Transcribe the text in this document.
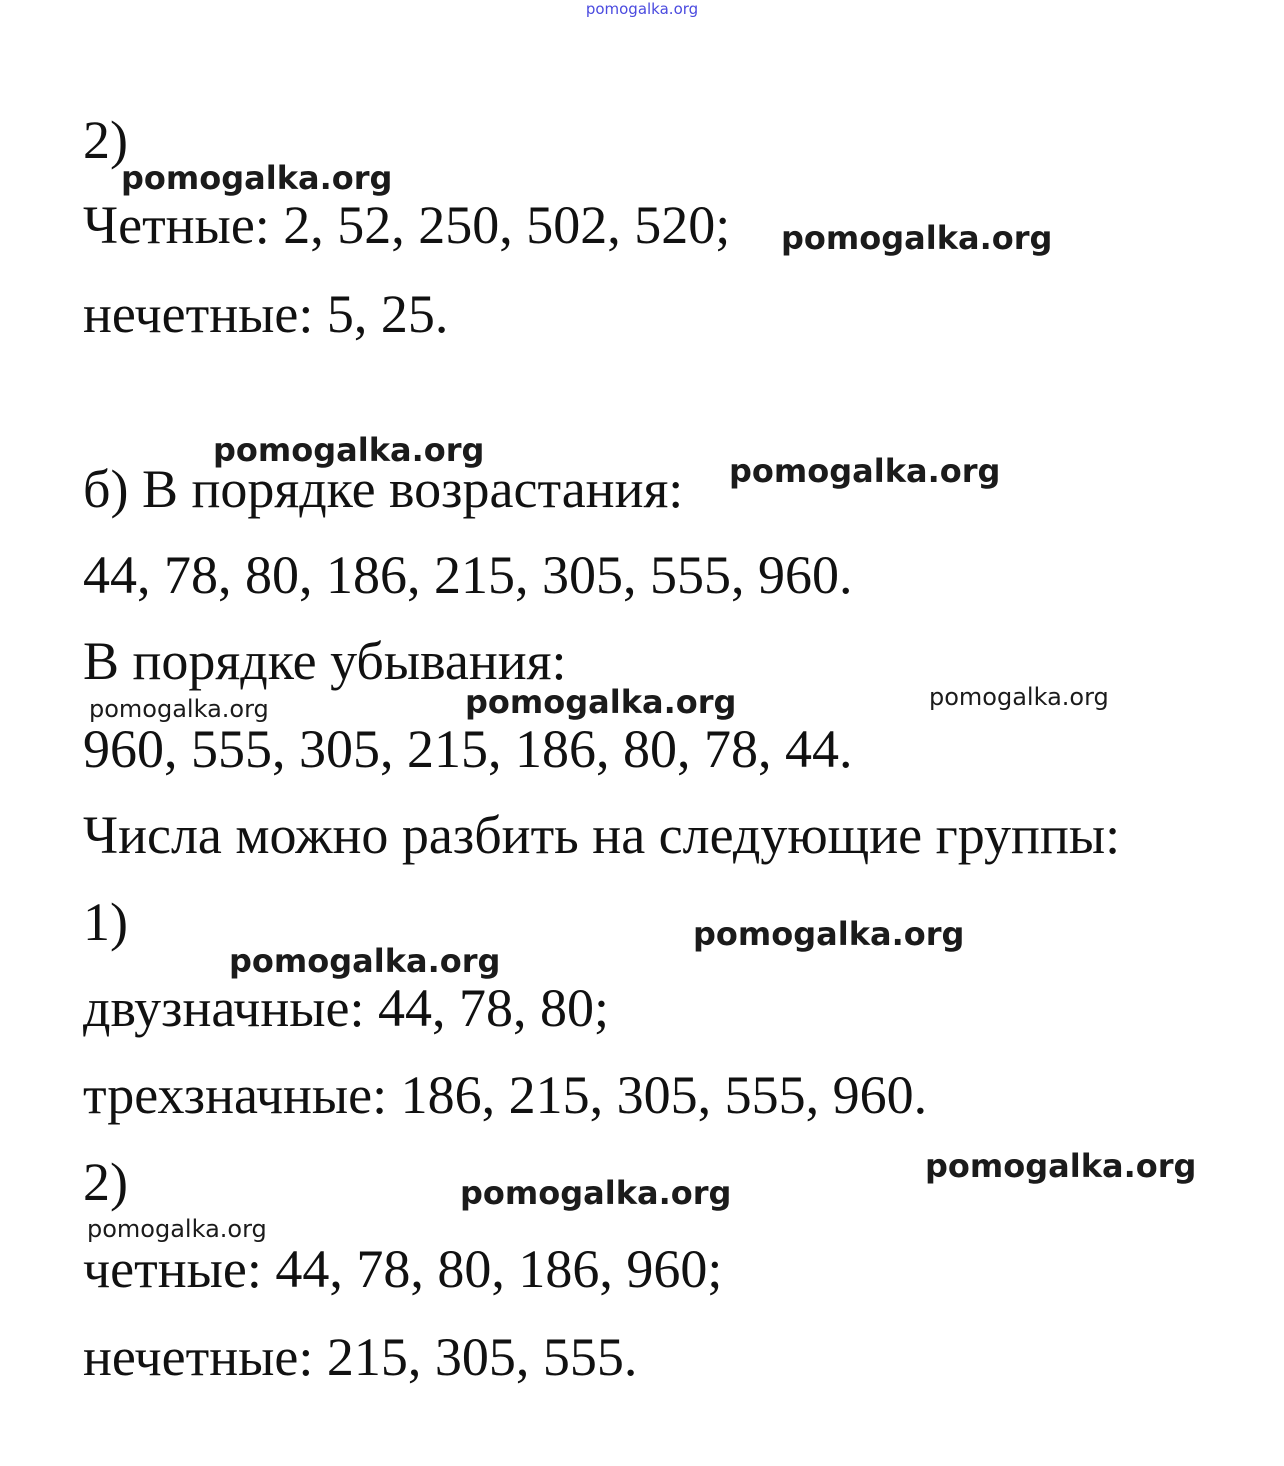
pomogalka.org
2)
Четные: 2, 52, 250, 502, 520;
нечетные: 5, 25.
б) В порядке возрастания:
44, 78, 80, 186, 215, 305, 555, 960.
В порядке убывания:
960, 555, 305, 215, 186, 80, 78, 44.
Числа можно разбить на следующие группы:
1)
двузначные: 44, 78, 80;
трехзначные: 186, 215, 305, 555, 960.
2)
четные: 44, 78, 80, 186, 960;
нечетные: 215, 305, 555.
pomogalka.org
pomogalka.org
pomogalka.org
pomogalka.org
pomogalka.org	pomogalka.org	pomogalka.org
pomogalka.org
pomogalka.org
pomogalka.org
pomogalka.org
pomogalka.org
